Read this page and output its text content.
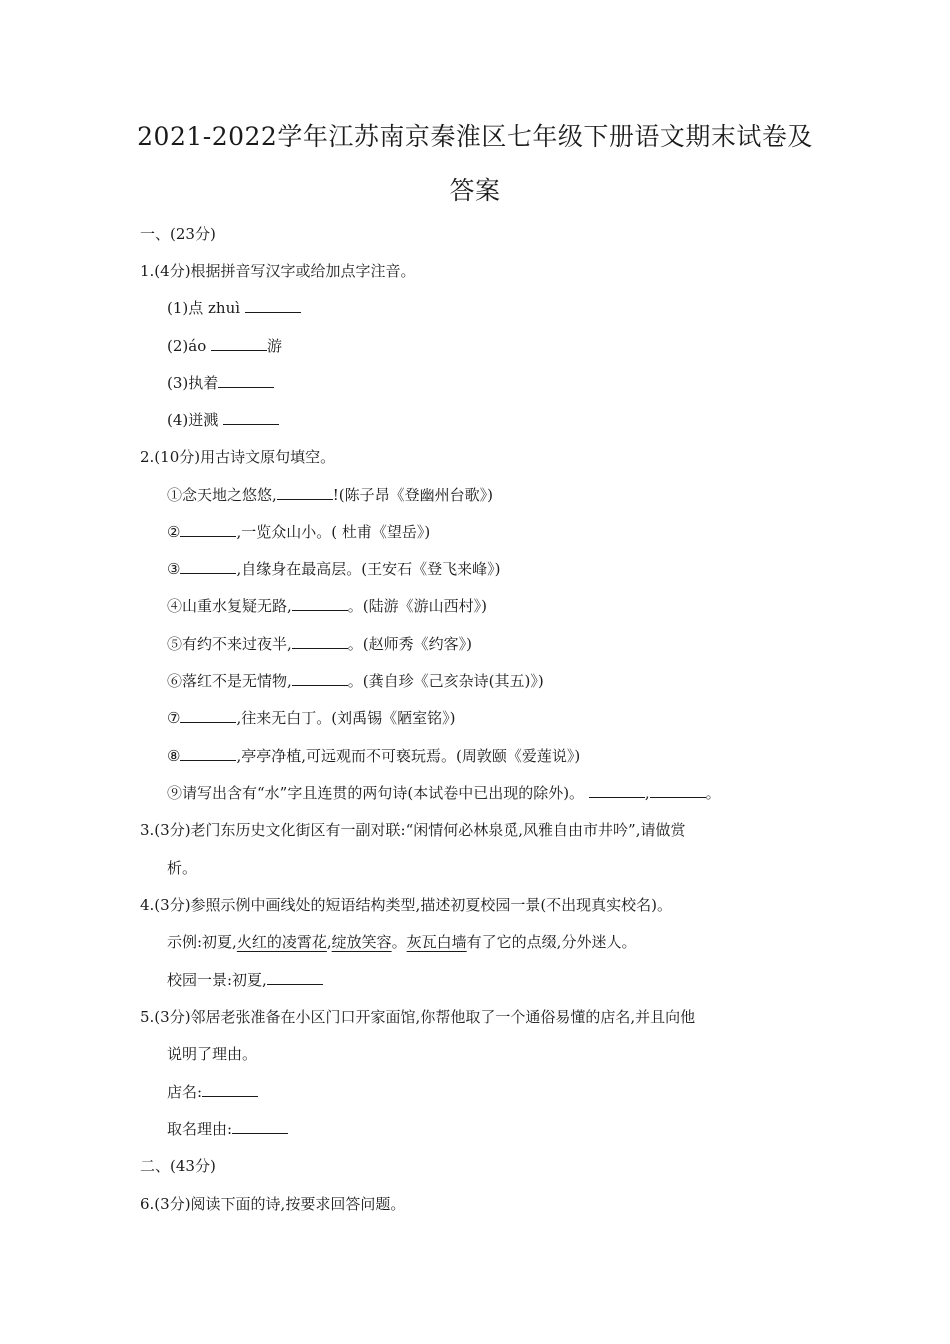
2021-2022学年江苏南京秦淮区七年级下册语文期末试卷及
答案
一、(23分)
1.(4分)根据拼音写汉字或给加点字注音。
(1)点 zhuì
(2)áo	游
(3)执着
(4)迸溅
2.(10分)用古诗文原句填空。
①念天地之悠悠,	!(陈子昂《登幽州台歌》)
②	,一览众山小。( 杜甫《望岳》)
③	,自缘身在最高层。(王安石《登飞来峰》)
④山重水复疑无路,	。(陆游《游山西村》)
⑤有约不来过夜半,	。(赵师秀《约客》)
⑥落红不是无情物,	。(龚自珍《己亥杂诗(其五)》)
⑦	,往来无白丁。(刘禹锡《陋室铭》)
⑧	,亭亭净植,可远观而不可亵玩焉。(周敦颐《爱莲说》)
⑨请写出含有“水”字且连贯的两句诗(本试卷中已出现的除外)。	,	。
3.(3分)老门东历史文化街区有一副对联:“闲情何必林泉觅,风雅自由市井吟”,请做赏
析。
4.(3分)参照示例中画线处的短语结构类型,描述初夏校园一景(不出现真实校名)。
示例:初夏,火红的凌霄花,绽放笑容。灰瓦白墙有了它的点缀,分外迷人。
校园一景:初夏,
5.(3分)邻居老张准备在小区门口开家面馆,你帮他取了一个通俗易懂的店名,并且向他
说明了理由。
店名:
取名理由:
二、(43分)
6.(3分)阅读下面的诗,按要求回答问题。
